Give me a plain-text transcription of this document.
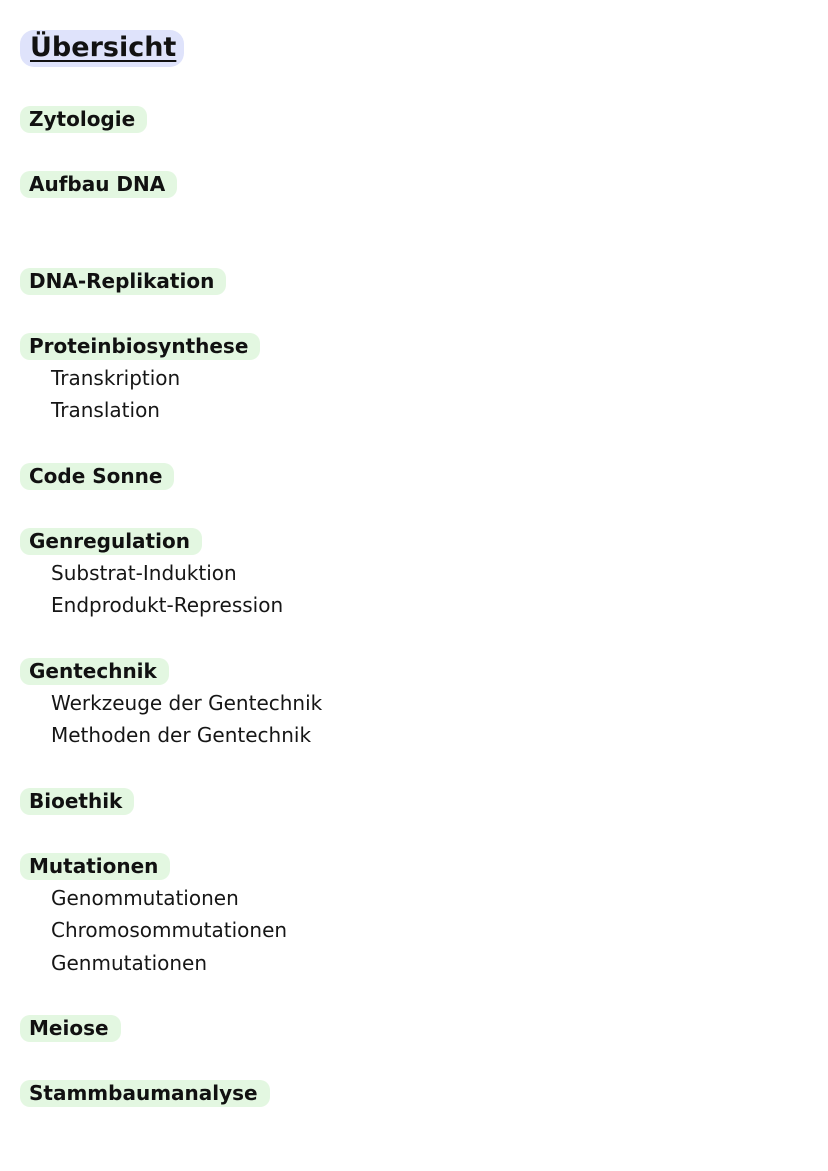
Übersicht
Zytologie
Aufbau DNA
DNA-Replikation
Proteinbiosynthese
Transkription
Translation
Code Sonne
Genregulation
Substrat-Induktion
Endprodukt-Repression
Gentechnik
Werkzeuge der Gentechnik
Methoden der Gentechnik
Bioethik
Mutationen
Genommutationen
Chromosommutationen
Genmutationen
Meiose
Stammbaumanalyse
